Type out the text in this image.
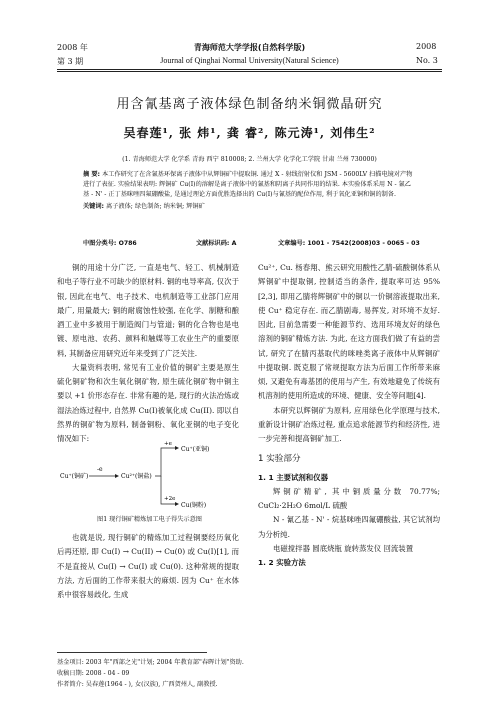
2008 年
第 3 期
青海师范大学学报(自然科学版)
Journal of Qinghai Normal University(Natural Science)
2008
No. 3
用含氰基离子液体绿色制备纳米铜微晶研究
吴春莲¹, 张 炜¹, 龚 睿², 陈元涛¹, 刘伟生²
(1. 青海师范大学 化学系 青海 西宁 810008; 2. 兰州大学 化学化工学院 甘肃 兰州 730000)
摘 要: 本工作研究了在含氰基环保离子液体中从辉铜矿中提取铜. 通过 X - 射线衍射仪和 JSM - 5600LV 扫描电镜对产物进行了表征. 实验结果表明: 辉铜矿 Cu(I)的溶解是离子液体中的氰基和阴离子共同作用的结果. 本实验体系采用 N - 氰乙基 - N' - 正丁基咪唑四氟硼酸盐, 是通过理论方面优胜选择出的 Cu(I)与氰基的配位作用, 利于氧化亚铜和铜的制备.
关键词: 离子液体; 绿色制备; 纳米铜; 辉铜矿
中图分类号: O786	文献标识码: A	文章编号: 1001 - 7542(2008)03 - 0065 - 03

铜的用途十分广泛, 一直是电气、轻工、机械制造和电子等行业不可缺少的原材料. 铜的电导率高, 仅次于银, 因此在电气、电子技术、电机制造等工业部门应用最广, 用量最大; 铜的耐腐蚀性较强, 在化学、制糖和酿酒工业中多被用于制造阀门与管道; 铜的化合物也是电镀、原电池、农药、颜料和触媒等工农业生产的重要原料, 其制备应用研究近年来受到了广泛关注.

大量资料表明, 常见有工业价值的铜矿主要是原生硫化铜矿物和次生氧化铜矿物, 原生硫化铜矿物中铜主要以 +1 价形态存在. 非常有趣的是, 现行的火法冶炼或湿法冶炼过程中, 自然界 Cu(I)被氧化成 Cu(II). 即以自然界的铜矿物为原料, 制备铜粉、氧化亚铜的电子变化情况如下:

-e
Cu⁺(铜矿)	Cu²⁺(铜盐)
+e
+2e
Cu⁺(亚铜)
Cu(铜粉)
图1 现行铜矿精炼加工电子得失示意图

也就是说, 现行铜矿的精炼加工过程铜要经历氧化后再还原, 即 Cu(I) → Cu(II) → Cu(0) 或 Cu(I)[1], 而不是直接从 Cu(I) → Cu(I) 或 Cu(0). 这种常规的提取方法, 方后面的工作带来很大的麻烦. 因为 Cu⁺ 在水体系中很容易歧化, 生成

Cu²⁺, Cu. 杨春翔、熊云研究用酸性乙腈-硫酸铜体系从辉铜矿中提取铜, 控制适当的条件, 提取率可达 95%[2,3], 即用乙腈将辉铜矿中的铜以一价铜溶液提取出来, 使 Cu⁺ 稳定存在. 而乙腈剧毒, 易挥发, 对环境不友好. 因此, 目前急需要一种能源节约、选用环境友好的绿色溶剂的铜矿精炼方法. 为此, 在这方面我们做了有益的尝试, 研究了在腈丙基取代的咪唑类离子液体中从辉铜矿中提取铜. 既克服了常规提取方法为后面工作所带来麻烦, 又避免有毒基团的使用与产生, 有效地避免了传统有机溶剂的使用所造成的环境、健康、安全等问题[4].

本研究以辉铜矿为原料, 应用绿色化学原理与技术, 重新设计铜矿冶炼过程, 重点追求能源节约和经济性, 进一步完善和提高铜矿加工.

1 实验部分
1. 1 主要试剂和仪器

辉铜矿精矿, 其中铜质量分数 70.77%; CuCl₂·2H₂O 6mol/L 硫酸

N - 氰乙基 - N' - 烷基咪唑四氟硼酸盐, 其它试剂均为分析纯.

电磁搅拌器 圆底烧瓶 旋转蒸发仪 回流装置

1. 2 实验方法
基金项目: 2003 年"西部之光"计划; 2004 年教育部"春晖计划"资助.
收稿日期: 2008 - 04 - 09
作者简介: 吴春莲(1964 - ), 女(汉族), 广西贺州人, 副教授.
